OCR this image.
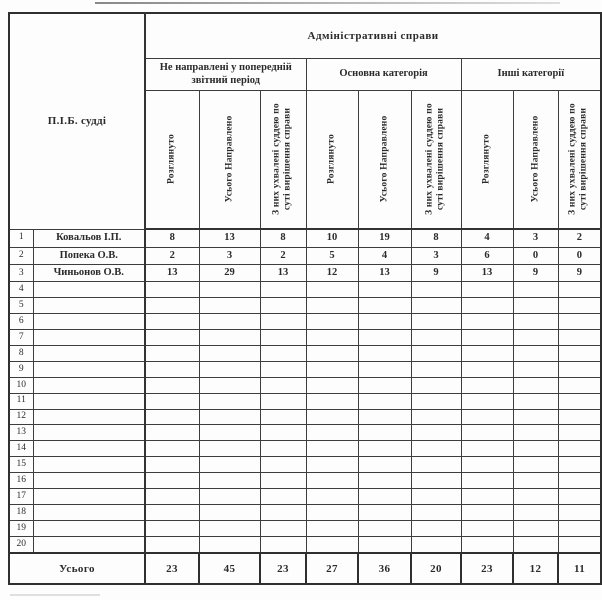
П.І.Б. судді		Адміністративні справи								
		Не направлені у попередній звітний період			Основна категорія			Інші категорії		

		Розглянуто	Усього Направлено	З них ухвалені суддею по суті вирішення справи	Розглянуто	Усього Направлено	З них ухвалені суддею по суті вирішення справи	Розглянуто	Усього Направлено	З них ухвалені суддею по суті вирішення справи

1	Ковальов І.П.	8	13	8	10	19	8	4	3	2
2	Попека О.В.	2	3	2	5	4	3	6	0	0
3	Чиньонов О.В.	13	29	13	12	13	9	13	9	9
4										
5										
6										
7										
8										
9										
10										
11										
12										
13										
14										
15										
16										
17										
18										
19										
20										
Усього		23	45	23	27	36	20	23	12	11
